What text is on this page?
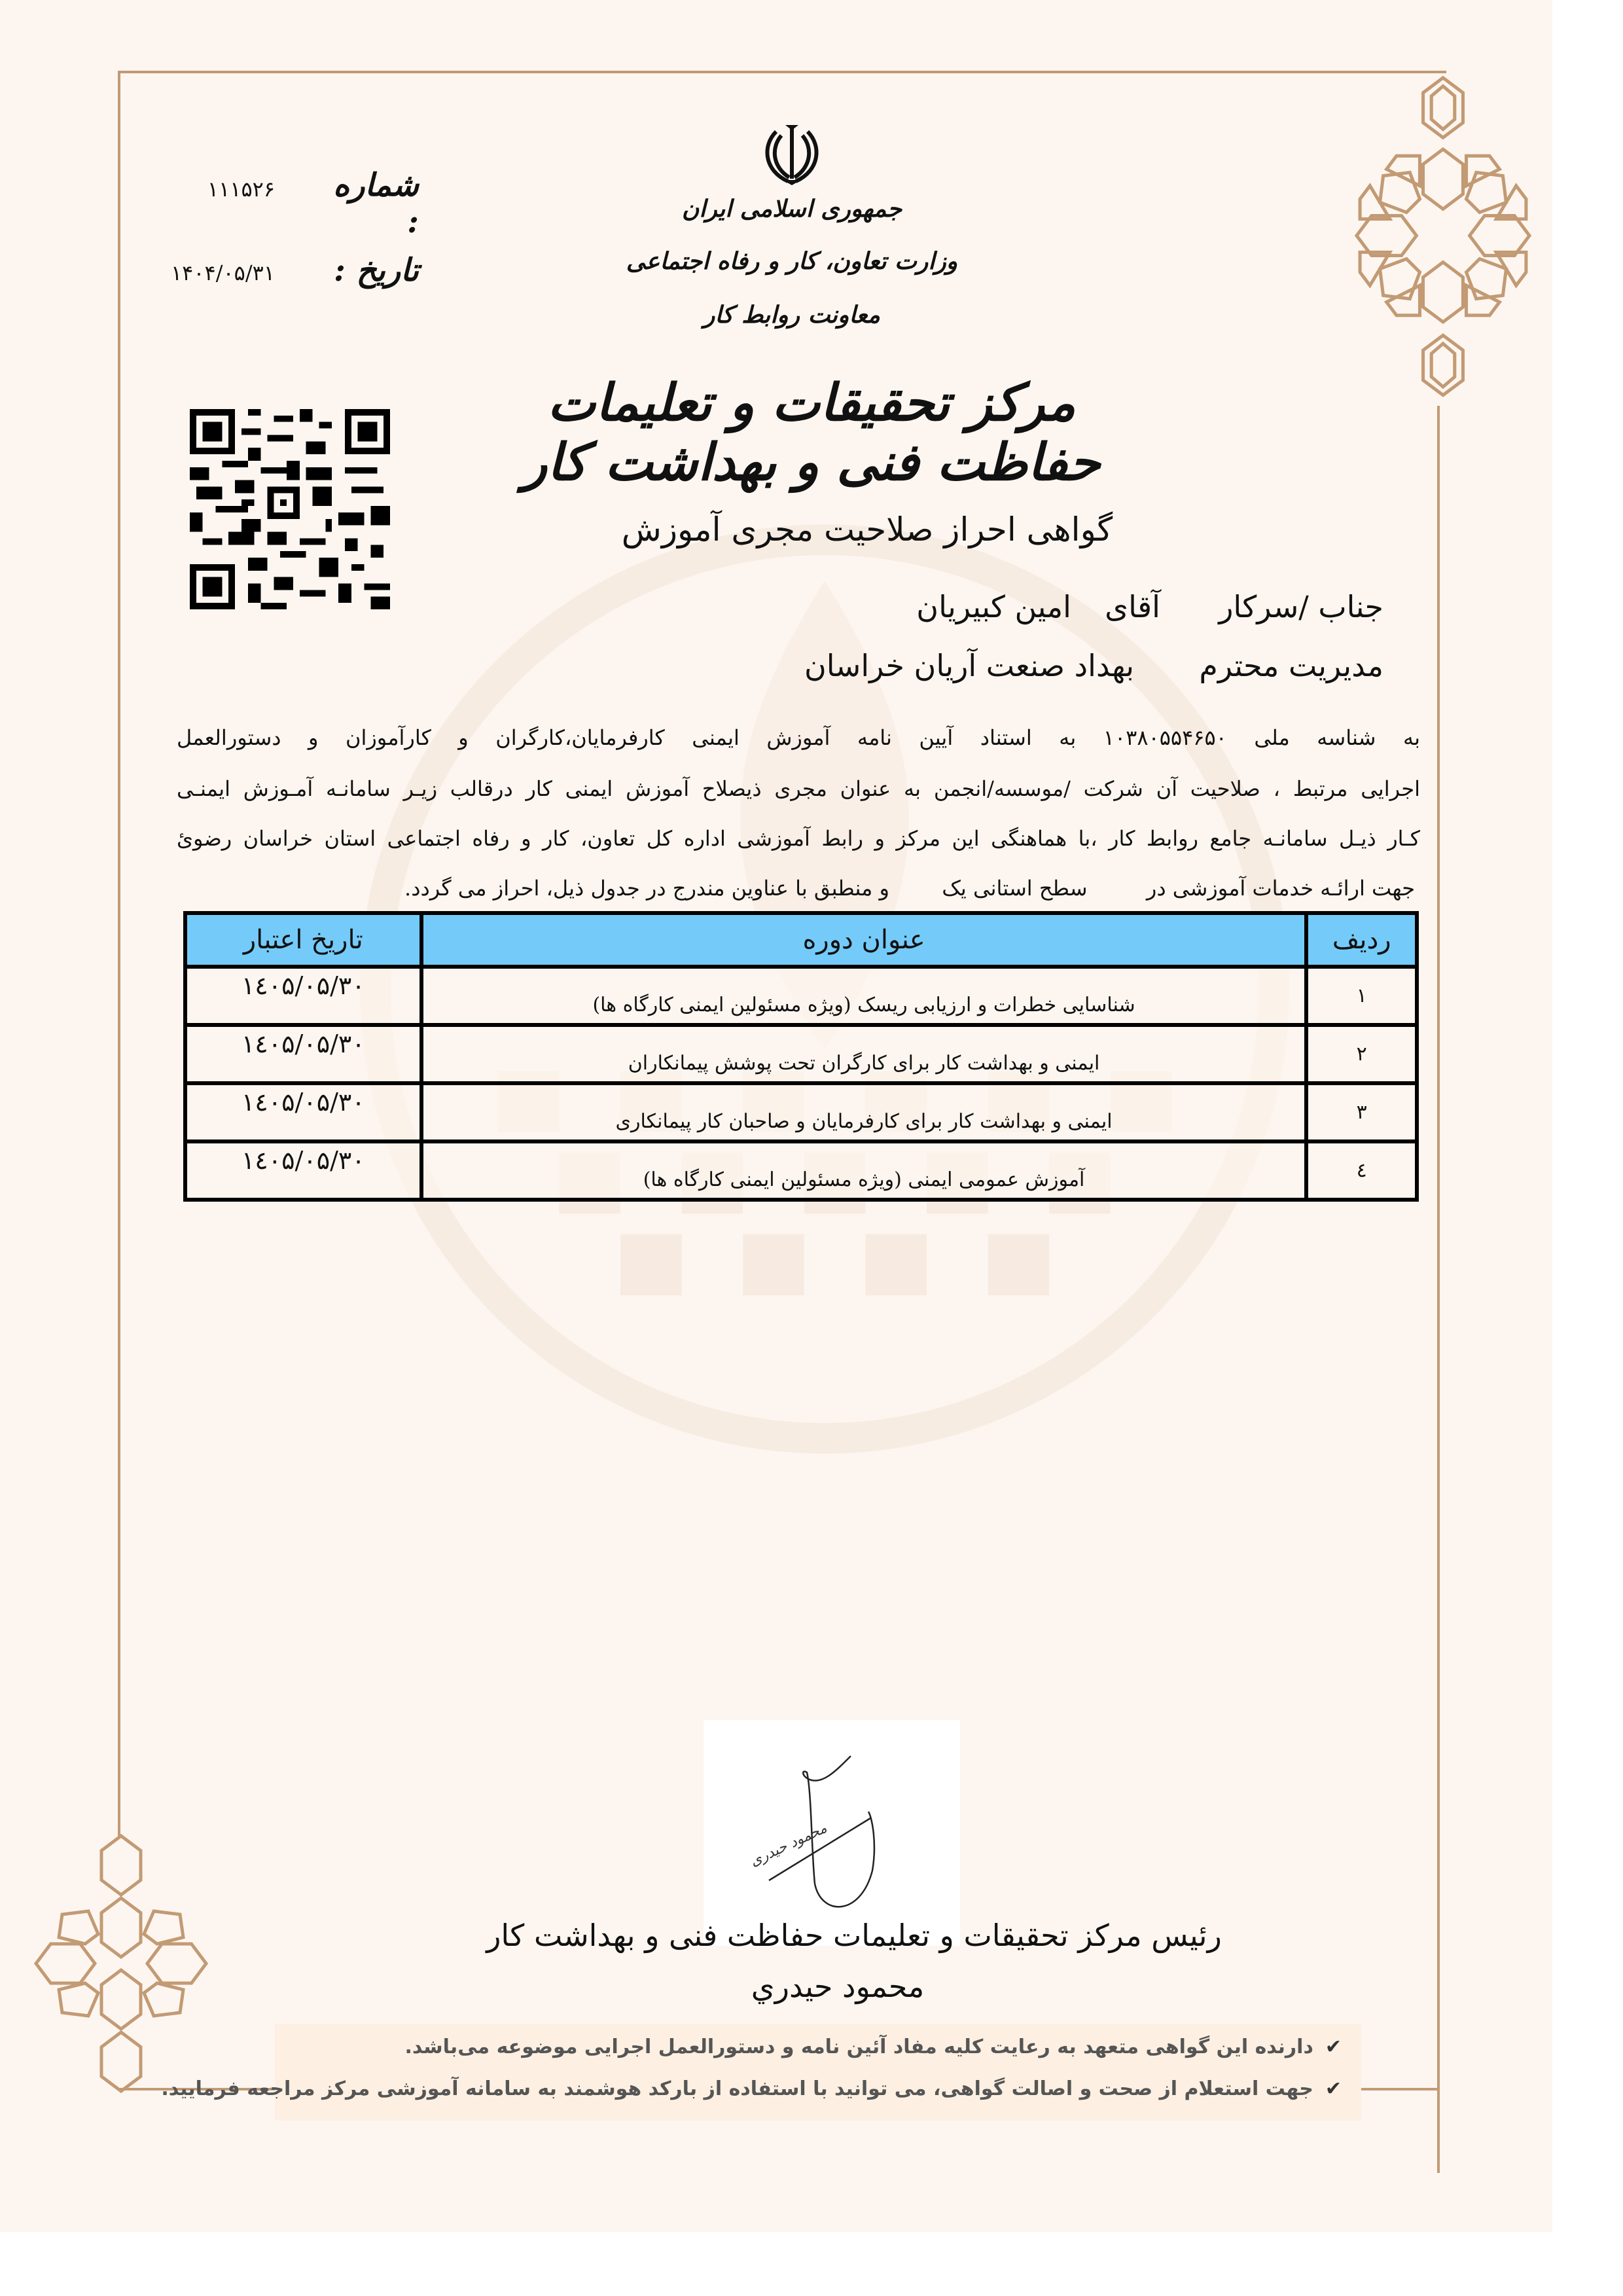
جمهوری اسلامی ایران
وزارت تعاون، کار و رفاه اجتماعی
معاونت روابط کار
شماره :
۱۱۱۵۲۶
تاریخ :
۱۴۰۴/۰۵/۳۱
مرکز تحقیقات و تعلیمات حفاظت فنی و بهداشت کار
گواهی احراز صلاحیت مجری آموزش
جناب /سرکار  آقای  امین کبیریان
مدیریت محترم  بهداد صنعت آریان خراسان
به شناسه ملی ۱۰۳۸۰۵۵۴۶۵۰ به استناد آیین نامه آموزش ایمنی کارفرمایان،کارگران و کارآموزان و دستورالعمل
اجرایی مرتبط ، صلاحیت آن شرکت /موسسه/انجمن به عنوان مجری ذیصلاح آموزش ایمنی کار درقالب زیـر سامانـه آمـوزش ایمنـی
کـار ذیـل سامانـه جامع روابط کار ،با هماهنگی این مرکز و رابط آموزشی اداره کل تعاون، کار و رفاه اجتماعی استان خراسان رضوئ
جهت ارائـه خدمات آموزشی در  سطح استانی یک  و منطبق با عناوین مندرج در جدول ذیل، احراز می گردد.
ردیف	عنوان دوره	تاریخ اعتبار
۱	شناسایی خطرات و ارزیابی ریسک (ویژه مسئولین ایمنی کارگاه ها)	۱٤۰۵/۰۵/۳۰
۲	ایمنی و بهداشت کار برای کارگران تحت پوشش پیمانکاران	۱٤۰۵/۰۵/۳۰
۳	ایمنی و بهداشت کار برای کارفرمایان و صاحبان کار پیمانکاری	۱٤۰۵/۰۵/۳۰
٤	آموزش عمومی ایمنی (ویژه مسئولین ایمنی کارگاه ها)	۱٤۰۵/۰۵/۳۰
محمود حیدری
رئیس مرکز تحقیقات و تعلیمات حفاظت فنی و بهداشت کار
محمود حيدري
✔دارنده این گواهی متعهد به رعایت کلیه مفاد آئین نامه و دستورالعمل اجرایی موضوعه می‌باشد.
✔جهت استعلام از صحت و اصالت گواهی، می توانید با استفاده از بارکد هوشمند به سامانه آموزشی مرکز مراجعه فرمایید.
